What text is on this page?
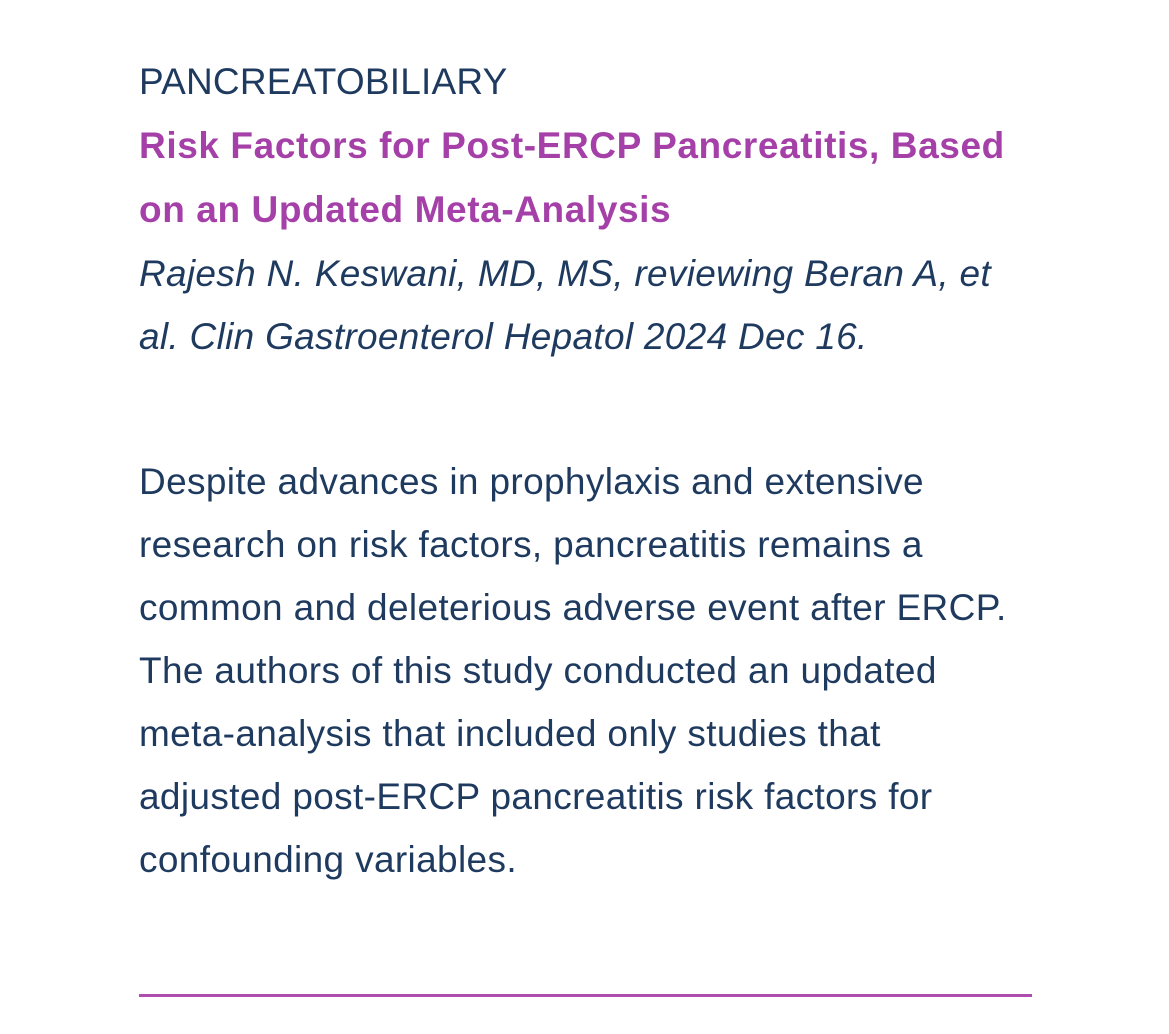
PANCREATOBILIARY

Risk Factors for Post-ERCP Pancreatitis, Based on an Updated Meta-Analysis

Rajesh N. Keswani, MD, MS, reviewing Beran A, et al. Clin Gastroenterol Hepatol 2024 Dec 16.

Despite advances in prophylaxis and extensive research on risk factors, pancreatitis remains a common and deleterious adverse event after ERCP. The authors of this study conducted an updated meta-analysis that included only studies that adjusted post-ERCP pancreatitis risk factors for confounding variables.
